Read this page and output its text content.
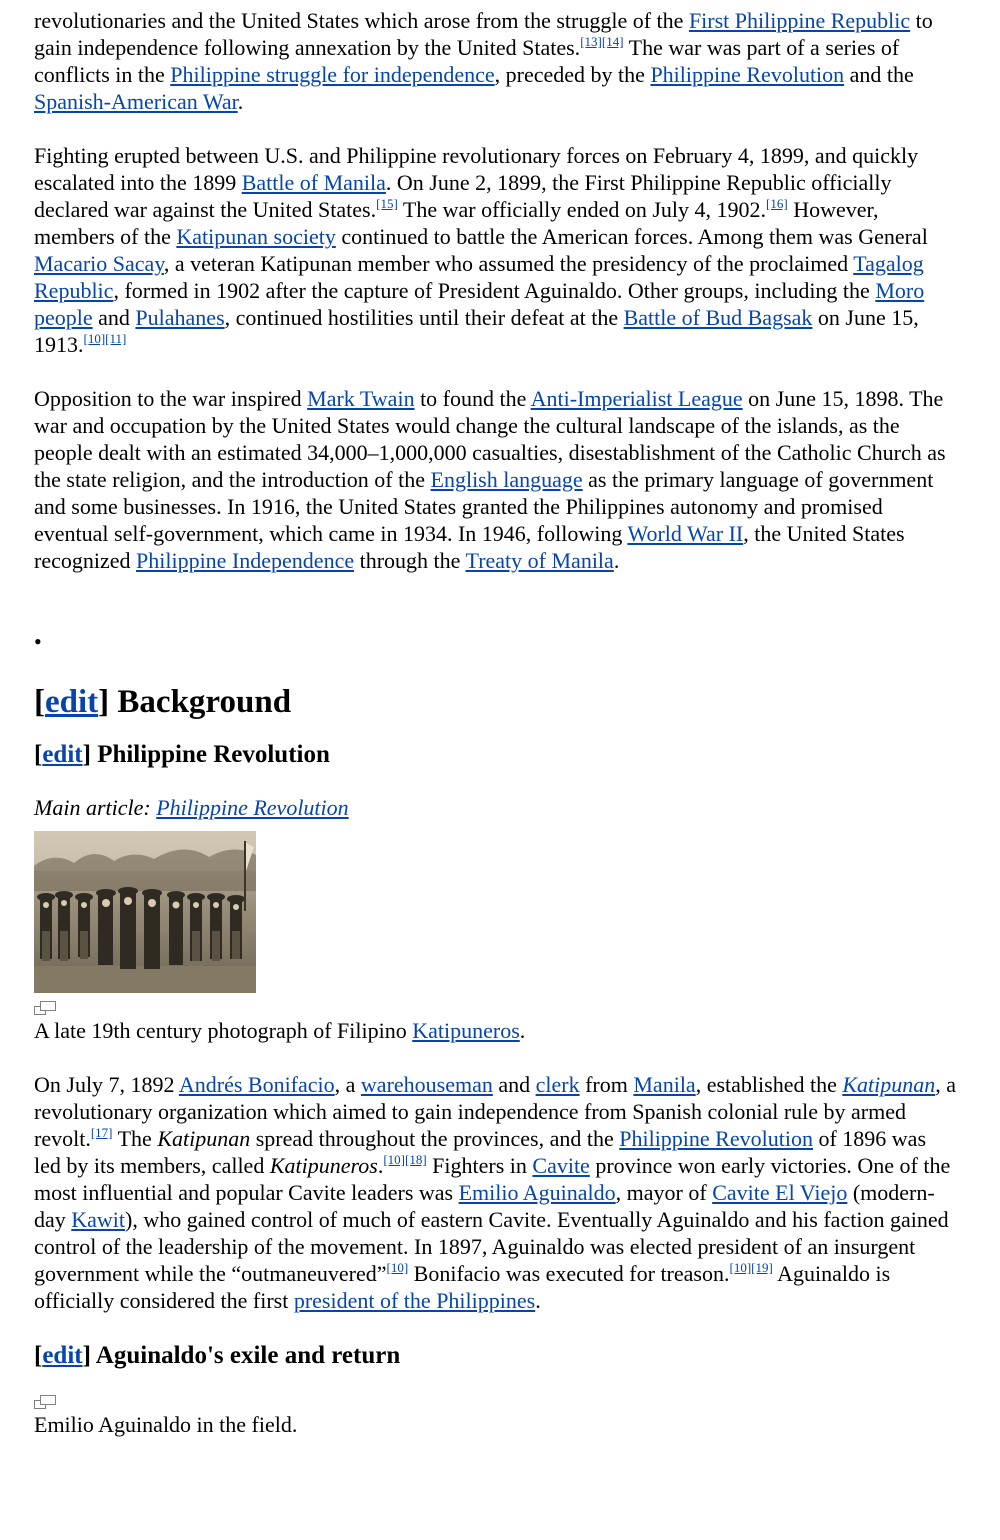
revolutionaries and the United States which arose from the struggle of the First Philippine Republic to gain independence following annexation by the United States.[13][14] The war was part of a series of conflicts in the Philippine struggle for independence, preceded by the Philippine Revolution and the Spanish-American War.

Fighting erupted between U.S. and Philippine revolutionary forces on February 4, 1899, and quickly escalated into the 1899 Battle of Manila. On June 2, 1899, the First Philippine Republic officially declared war against the United States.[15] The war officially ended on July 4, 1902.[16] However, members of the Katipunan society continued to battle the American forces. Among them was General Macario Sacay, a veteran Katipunan member who assumed the presidency of the proclaimed Tagalog Republic, formed in 1902 after the capture of President Aguinaldo. Other groups, including the Moro people and Pulahanes, continued hostilities until their defeat at the Battle of Bud Bagsak on June 15, 1913.[10][11]

Opposition to the war inspired Mark Twain to found the Anti-Imperialist League on June 15, 1898. The war and occupation by the United States would change the cultural landscape of the islands, as the people dealt with an estimated 34,000–1,000,000 casualties, disestablishment of the Catholic Church as the state religion, and the introduction of the English language as the primary language of government and some businesses. In 1916, the United States granted the Philippines autonomy and promised eventual self-government, which came in 1934. In 1946, following World War II, the United States recognized Philippine Independence through the Treaty of Manila.

•
[edit] Background
[edit] Philippine Revolution
Main article: Philippine Revolution
A late 19th century photograph of Filipino Katipuneros.

On July 7, 1892 Andrés Bonifacio, a warehouseman and clerk from Manila, established the Katipunan, a revolutionary organization which aimed to gain independence from Spanish colonial rule by armed revolt.[17] The Katipunan spread throughout the provinces, and the Philippine Revolution of 1896 was led by its members, called Katipuneros.[10][18] Fighters in Cavite province won early victories. One of the most influential and popular Cavite leaders was Emilio Aguinaldo, mayor of Cavite El Viejo (modern-day Kawit), who gained control of much of eastern Cavite. Eventually Aguinaldo and his faction gained control of the leadership of the movement. In 1897, Aguinaldo was elected president of an insurgent government while the “outmaneuvered”[10] Bonifacio was executed for treason.[10][19] Aguinaldo is officially considered the first president of the Philippines.

[edit] Aguinaldo's exile and return
Emilio Aguinaldo in the field.
